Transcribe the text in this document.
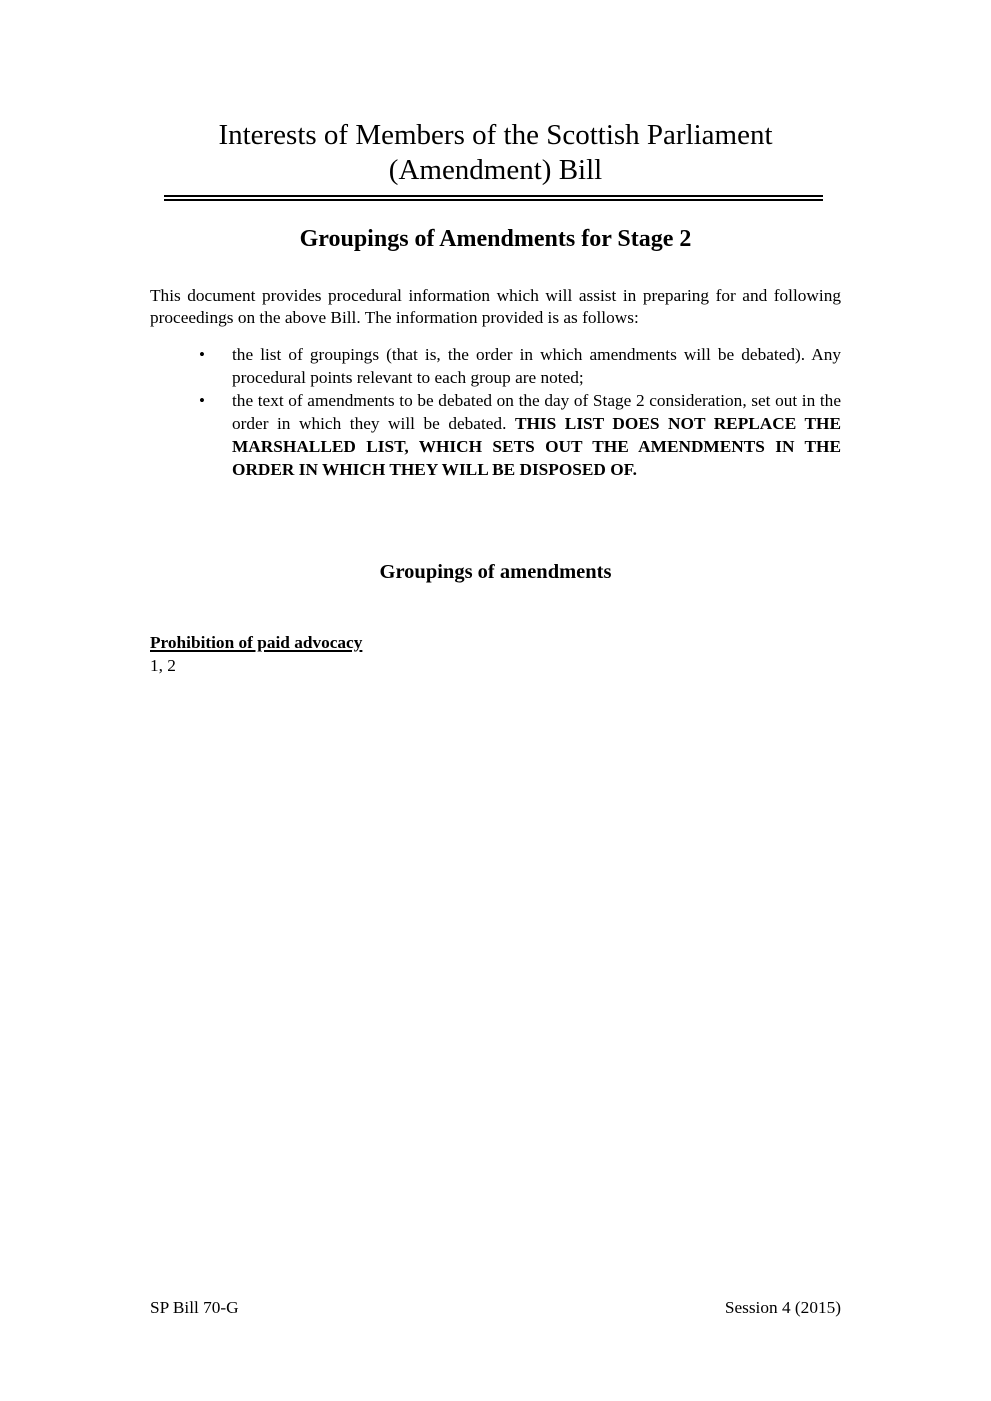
Interests of Members of the Scottish Parliament
(Amendment) Bill
Groupings of Amendments for Stage 2

This document provides procedural information which will assist in preparing for and following proceedings on the above Bill. The information provided is as follows:

• the list of groupings (that is, the order in which amendments will be debated). Any procedural points relevant to each group are noted;
• the text of amendments to be debated on the day of Stage 2 consideration, set out in the order in which they will be debated. THIS LIST DOES NOT REPLACE THE MARSHALLED LIST, WHICH SETS OUT THE AMENDMENTS IN THE ORDER IN WHICH THEY WILL BE DISPOSED OF.
Groupings of amendments
Prohibition of paid advocacy
1, 2
SP Bill 70-G	Session 4 (2015)
